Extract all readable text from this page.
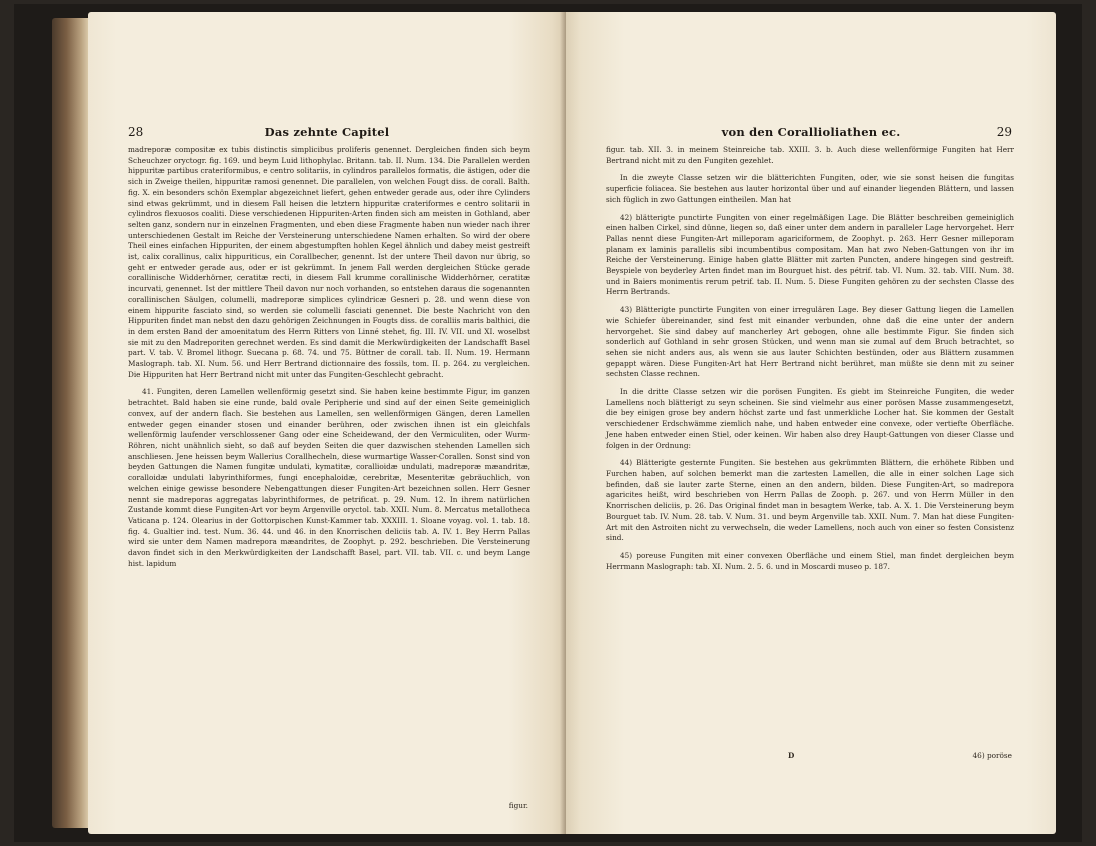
28	Das zehnte Capitel

madreporæ compositæ ex tubis distinctis simplicibus proliferis genennet. Dergleichen finden sich beym Scheuchzer oryctogr. fig. 169. und beym Luid lithophylac. Britann. tab. II. Num. 134. Die Parallelen werden hippuritæ partibus crateriformibus, e centro solitariis, in cylindros parallelos formatis, die ästigen, oder die sich in Zweige theilen, hippuritæ ramosi genennet. Die parallelen, von welchen Fougt diss. de corall. Balth. fig. X. ein besonders schön Exemplar abgezeichnet liefert, gehen entweder gerade aus, oder ihre Cylinders sind etwas gekrümmt, und in diesem Fall heisen die letztern hippuritæ crateriformes e centro solitarii in cylindros flexuosos coaliti. Diese verschiedenen Hippuriten-Arten finden sich am meisten in Gothland, aber selten ganz, sondern nur in einzelnen Fragmenten, und eben diese Fragmente haben nun wieder nach ihrer unterschiedenen Gestalt im Reiche der Versteinerung unterschiedene Namen erhalten. So wird der obere Theil eines einfachen Hippuriten, der einem abgestumpften hohlen Kegel ähnlich und dabey meist gestreift ist, calix corallinus, calix hippuriticus, ein Corallbecher, genennt. Ist der untere Theil davon nur übrig, so geht er entweder gerade aus, oder er ist gekrümmt. In jenem Fall werden dergleichen Stücke gerade corallinische Widderhörner, ceratitæ recti, in diesem Fall krumme corallinische Widderhörner, ceratitæ incurvati, genennet. Ist der mittlere Theil davon nur noch vorhanden, so entstehen daraus die sogenannten corallinischen Säulgen, columelli, madreporæ simplices cylindricæ Gesneri p. 28. und wenn diese von einem hippurite fasciato sind, so werden sie columelli fasciati genennet. Die beste Nachricht von den Hippuriten findet man nebst den dazu gehörigen Zeichnungen in Fougts diss. de coralliis maris balthici, die in dem ersten Band der amoenitatum des Herrn Ritters von Linné stehet, fig. III. IV. VII. und XI. woselbst sie mit zu den Madreporiten gerechnet werden. Es sind damit die Merkwürdigkeiten der Landschafft Basel part. V. tab. V. Bromel lithogr. Suecana p. 68. 74. und 75. Büttner de corall. tab. II. Num. 19. Hermann Maslograph. tab. XI. Num. 56. und Herr Bertrand dictionnaire des fossils, tom. II. p. 264. zu vergleichen. Die Hippuriten hat Herr Bertrand nicht mit unter das Fungiten-Geschlecht gebracht.

41. Fungiten, deren Lamellen wellenförmig gesetzt sind. Sie haben keine bestimmte Figur, im ganzen betrachtet. Bald haben sie eine runde, bald ovale Peripherie und sind auf der einen Seite gemeiniglich convex, auf der andern flach. Sie bestehen aus Lamellen, sen wellenförmigen Gängen, deren Lamellen entweder gegen einander stosen und einander berühren, oder zwischen ihnen ist ein gleichfals wellenförmig laufender verschlossener Gang oder eine Scheidewand, der den Vermiculiten, oder Wurm-Röhren, nicht unähnlich sieht, so daß auf beyden Seiten die quer dazwischen stehenden Lamellen sich anschliesen. Jene heissen beym Wallerius Corallhecheln, diese wurmartige Wasser-Corallen. Sonst sind von beyden Gattungen die Namen fungitæ undulati, kymatitæ, corallioidæ undulati, madreporæ mæandritæ, coralloidæ undulati labyrinthiformes, fungi encephaloidæ, cerebritæ, Mesenteritæ gebräuchlich, von welchen einige gewisse besondere Nebengattungen dieser Fungiten-Art bezeichnen sollen. Herr Gesner nennt sie madreporas aggregatas labyrinthiformes, de petrificat. p. 29. Num. 12. In ihrem natürlichen Zustande kommt diese Fungiten-Art vor beym Argenville oryctol. tab. XXII. Num. 8. Mercatus metallotheca Vaticana p. 124. Olearius in der Gottorpischen Kunst-Kammer tab. XXXIII. 1. Sloane voyag. vol. 1. tab. 18. fig. 4. Gualtier ind. test. Num. 36. 44. und 46. in den Knorrischen deliciis tab. A. IV. 1. Bey Herrn Pallas wird sie unter dem Namen madrepora mæandrites, de Zoophyt. p. 292. beschrieben. Die Versteinerung davon findet sich in den Merkwürdigkeiten der Landschafft Basel, part. VII. tab. VII. c. und beym Lange hist. lapidum

figur.
von den Corallioliathen ec.	29

figur. tab. XII. 3. in meinem Steinreiche tab. XXIII. 3. b. Auch diese wellenförmige Fungiten hat Herr Bertrand nicht mit zu den Fungiten gezehlet.

In die zweyte Classe setzen wir die blätterichten Fungiten, oder, wie sie sonst heisen die fungitas superficie foliacea. Sie bestehen aus lauter horizontal über und auf einander liegenden Blättern, und lassen sich füglich in zwo Gattungen eintheilen. Man hat

42) blätterigte punctirte Fungiten von einer regelmäßigen Lage. Die Blätter beschreiben gemeiniglich einen halben Cirkel, sind dünne, liegen so, daß einer unter dem andern in paralleler Lage hervorgehet. Herr Pallas nennt diese Fungiten-Art milleporam agariciformem, de Zoophyt. p. 263. Herr Gesner milleporam planam ex laminis parallelis sibi incumbentibus compositam. Man hat zwo Neben-Gattungen von ihr im Reiche der Versteinerung. Einige haben glatte Blätter mit zarten Puncten, andere hingegen sind gestreift. Beyspiele von beyderley Arten findet man im Bourguet hist. des pétrif. tab. VI. Num. 32. tab. VIII. Num. 38. und in Baiers monimentis rerum petrif. tab. II. Num. 5. Diese Fungiten gehören zu der sechsten Classe des Herrn Bertrands.

43) Blätterigte punctirte Fungiten von einer irregulären Lage. Bey dieser Gattung liegen die Lamellen wie Schiefer übereinander, sind fest mit einander verbunden, ohne daß die eine unter der andern hervorgehet. Sie sind dabey auf mancherley Art gebogen, ohne alle bestimmte Figur. Sie finden sich sonderlich auf Gothland in sehr grosen Stücken, und wenn man sie zumal auf dem Bruch betrachtet, so sehen sie nicht anders aus, als wenn sie aus lauter Schichten bestünden, oder aus Blättern zusammen gepappt wären. Diese Fungiten-Art hat Herr Bertrand nicht berühret, man müßte sie denn mit zu seiner sechsten Classe rechnen.

In die dritte Classe setzen wir die porösen Fungiten. Es giebt im Steinreiche Fungiten, die weder Lamellens noch blätterigt zu seyn scheinen. Sie sind vielmehr aus einer porösen Masse zusammengesetzt, die bey einigen grose bey andern höchst zarte und fast unmerkliche Locher hat. Sie kommen der Gestalt verschiedener Erdschwämme ziemlich nahe, und haben entweder eine convexe, oder vertiefte Oberfläche. Jene haben entweder einen Stiel, oder keinen. Wir haben also drey Haupt-Gattungen von dieser Classe und folgen in der Ordnung:

44) Blätterigte gesternte Fungiten. Sie bestehen aus gekrümmten Blättern, die erhöhete Ribben und Furchen haben, auf solchen bemerkt man die zartesten Lamellen, die alle in einer solchen Lage sich befinden, daß sie lauter zarte Sterne, einen an den andern, bilden. Diese Fungiten-Art, so madrepora agaricites heißt, wird beschrieben von Herrn Pallas de Zooph. p. 267. und von Herrn Müller in den Knorrischen deliciis, p. 26. Das Original findet man in besagtem Werke, tab. A. X. 1. Die Versteinerung beym Bourguet tab. IV. Num. 28. tab. V. Num. 31. und beym Argenville tab. XXII. Num. 7. Man hat diese Fungiten-Art mit den Astroiten nicht zu verwechseln, die weder Lamellens, noch auch von einer so festen Consistenz sind.

45) poreuse Fungiten mit einer convexen Oberfläche und einem Stiel, man findet dergleichen beym Herrmann Maslograph: tab. XI. Num. 2. 5. 6. und in Moscardi museo p. 187.

D	46) poröse
